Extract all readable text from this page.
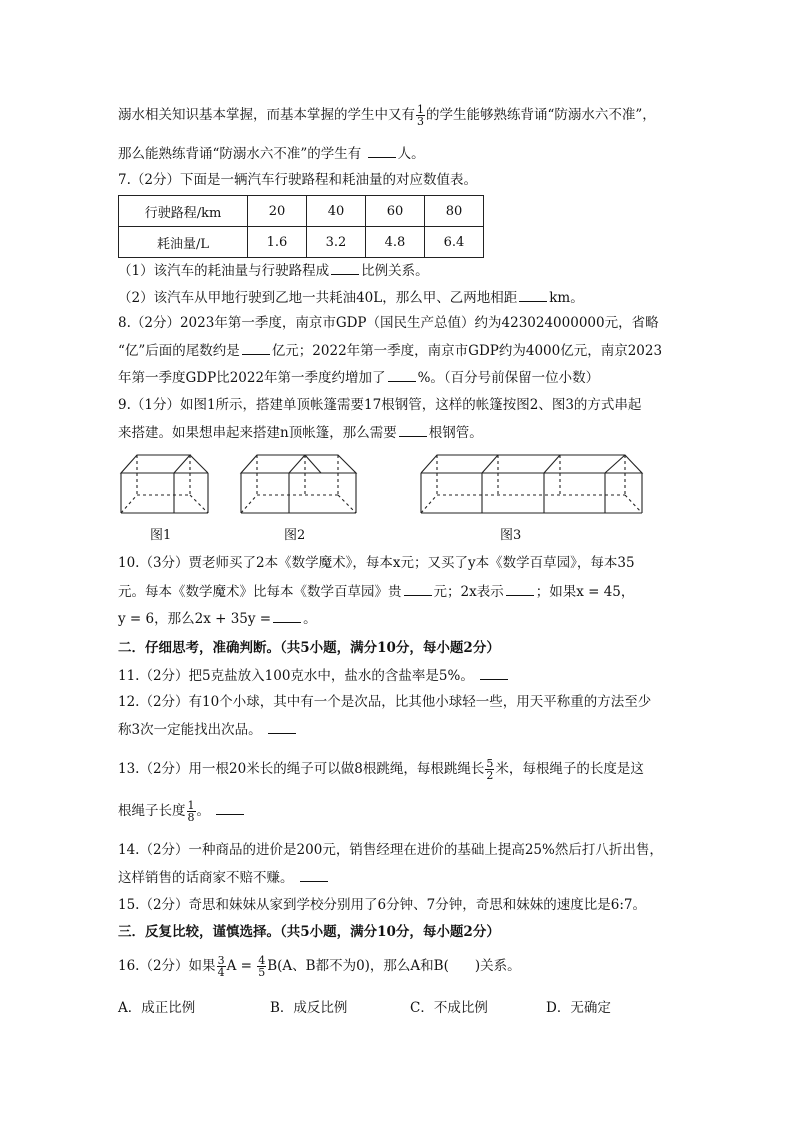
溺水相关知识基本掌握，而基本掌握的学生中又有 $\frac{1}{3}$ 的学生能够熟练背诵“防溺水六不准”，
那么能熟练背诵“防溺水六不准”的学生有	人。
7.（2分）下面是一辆汽车行驶路程和耗油量的对应数值表。
行驶路程/km	20	40	60	80
耗油量/L	1.6	3.2	4.8	6.4
（1）该汽车的耗油量与行驶路程成 比例关系。
（2）该汽车从甲地行驶到乙地一共耗油40L，那么甲、乙两地相距 km。
8.（2分）2023年第一季度，南京市GDP（国民生产总值）约为423024000000元，省略
“亿”后面的尾数约是 亿元；2022年第一季度，南京市GDP约为4000亿元，南京2023
年第一季度GDP比2022年第一季度约增加了 %。（百分号前保留一位小数）
9.（1分）如图1所示，搭建单顶帐篷需要17根钢管，这样的帐篷按图2、图3的方式串起
来搭建。如果想串起来搭建n顶帐篷，那么需要 根钢管。
图1	图2	图3
10.（3分）贾老师买了2本《数学魔术》，每本x元；又买了y本《数学百草园》，每本35
元。每本《数学魔术》比每本《数学百草园》贵 元；2x表示 ；如果x = 45，
y = 6，那么2x + 35y = 。
二．仔细思考，准确判断。（共5小题，满分10分，每小题2分）
11.（2分）把5克盐放入100克水中，盐水的含盐率是5%。
12.（2分）有10个小球，其中有一个是次品，比其他小球轻一些，用天平称重的方法至少
称3次一定能找出次品。
13.（2分）用一根20米长的绳子可以做8根跳绳，每根跳绳长 $\frac{5}{2}$ 米，每根绳子的长度是这
根绳子长度 $\frac{1}{8}$ 。
14.（2分）一种商品的进价是200元，销售经理在进价的基础上提高25%然后打八折出售，
这样销售的话商家不赔不赚。
15.（2分）奇思和妹妹从家到学校分别用了6分钟、7分钟，奇思和妹妹的速度比是6:7。
三．反复比较，谨慎选择。（共5小题，满分10分，每小题2分）
16.（2分）如果 $\frac{3}{4}$ $A = \frac{4}{5} B(A$、B都不为0)，那么A和B( )关系。
A．成正比例	B．成反比例	C．不成比例	D．无确定
